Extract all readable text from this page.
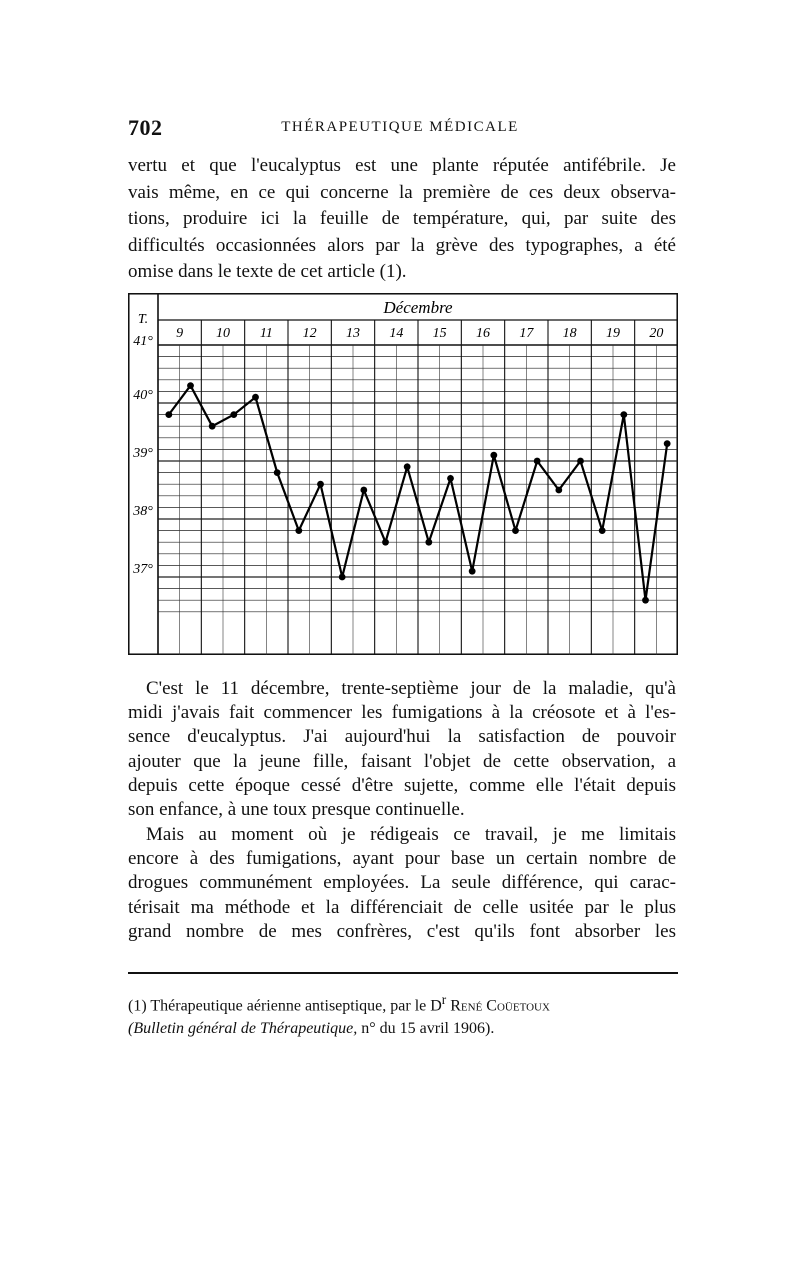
702	THÉRAPEUTIQUE MÉDICALE

vertu et que l'eucalyptus est une plante réputée antifébrile. Je
vais même, en ce qui concerne la première de ces deux observa-
tions, produire ici la feuille de température, qui, par suite des
difficultés occasionnées alors par la grève des typographes, a été
omise dans le texte de cet article (1).

Décembre
9 10 11 12 13 14 15 16 17 18 19 20
T.
41°
40°
39°
38°
37°

C'est le 11 décembre, trente-septième jour de la maladie, qu'à
midi j'avais fait commencer les fumigations à la créosote et à l'es-
sence d'eucalyptus. J'ai aujourd'hui la satisfaction de pouvoir
ajouter que la jeune fille, faisant l'objet de cette observation, a
depuis cette époque cessé d'être sujette, comme elle l'était depuis
son enfance, à une toux presque continuelle.

Mais au moment où je rédigeais ce travail, je me limitais
encore à des fumigations, ayant pour base un certain nombre de
drogues communément employées. La seule différence, qui carac-
térisait ma méthode et la différenciait de celle usitée par le plus
grand nombre de mes confrères, c'est qu'ils font absorber les

(1) Thérapeutique aérienne antiseptique, par le $D^r$ René Coüetoux
(Bulletin général de Thérapeutique, n° du 15 avril 1906).
